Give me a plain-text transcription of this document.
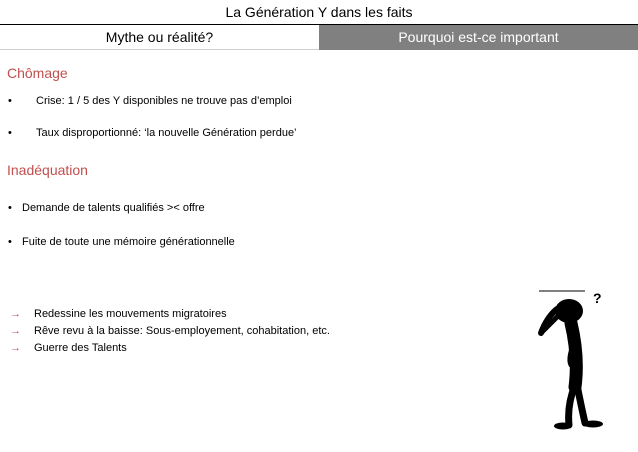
La Génération Y dans les faits
Mythe ou réalité?	Pourquoi est-ce important
Chômage
• Crise: 1 / 5 des Y disponibles ne trouve pas d’emploi
• Taux disproportionné: ‘la nouvelle Génération perdue’
Inadéquation
• Demande de talents qualifiés >< offre
• Fuite de toute une mémoire générationnelle
→ Redessine les mouvements migratoires
→ Rêve revu à la baisse: Sous-employement, cohabitation, etc.
→ Guerre des Talents
?
